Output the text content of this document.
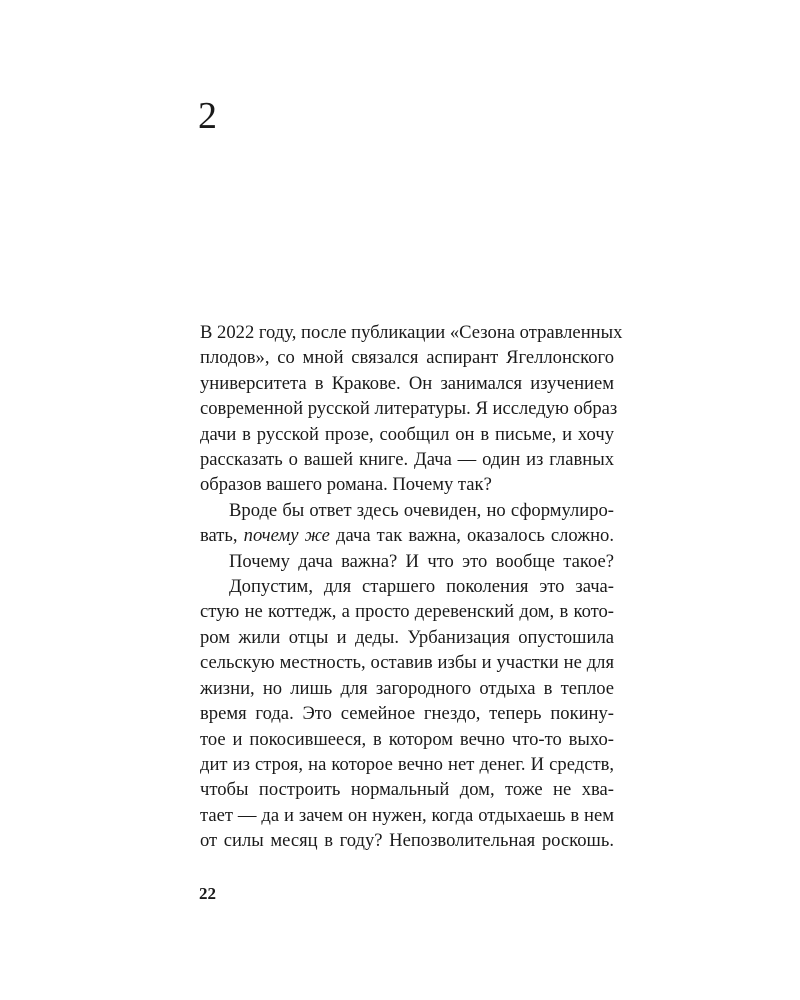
2
В 2022 году, после публикации «Сезона отравленных
плодов», со мной связался аспирант Ягеллонского
университета в Кракове. Он занимался изучением
современной русской литературы. Я исследую образ
дачи в русской прозе, сообщил он в письме, и хочу
рассказать о вашей книге. Дача — один из главных
образов вашего романа. Почему так?
Вроде бы ответ здесь очевиден, но сформулиро-
вать, почему же дача так важна, оказалось сложно.
Почему дача важна? И что это вообще такое?
Допустим, для старшего поколения это зача-
стую не коттедж, а просто деревенский дом, в кото-
ром жили отцы и деды. Урбанизация опустошила
сельскую местность, оставив избы и участки не для
жизни, но лишь для загородного отдыха в теплое
время года. Это семейное гнездо, теперь покину-
тое и покосившееся, в котором вечно что-то выхо-
дит из строя, на которое вечно нет денег. И средств,
чтобы построить нормальный дом, тоже не хва-
тает — да и зачем он нужен, когда отдыхаешь в нем
от силы месяц в году? Непозволительная роскошь.
22
